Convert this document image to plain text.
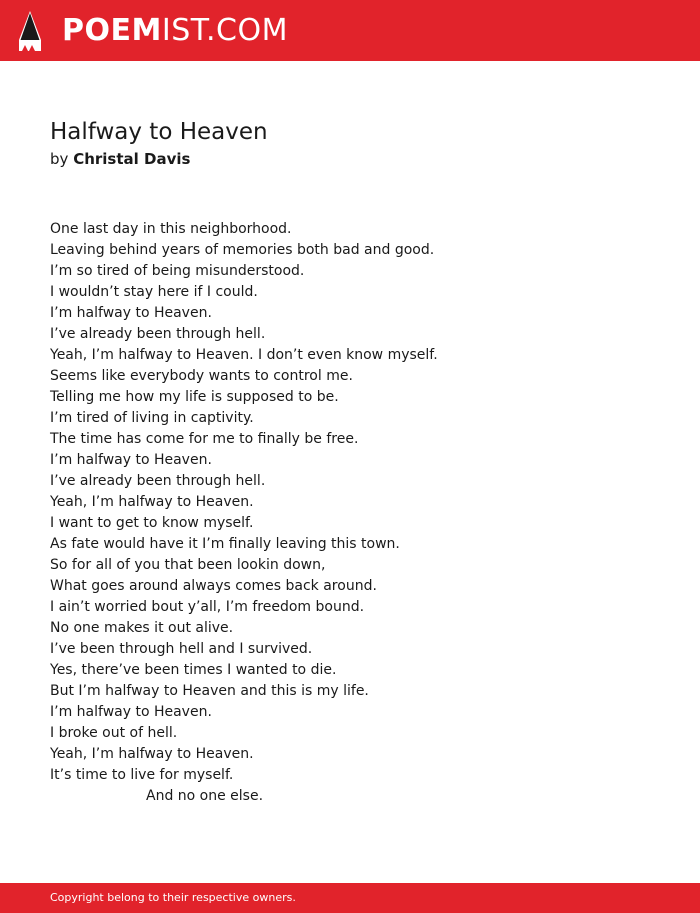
POEMIST.COM
Halfway to Heaven
by Christal Davis
One last day in this neighborhood.
Leaving behind years of memories both bad and good.
I’m so tired of being misunderstood.
I wouldn’t stay here if I could.
I’m halfway to Heaven.
I’ve already been through hell.
Yeah, I’m halfway to Heaven. I don’t even know myself.
Seems like everybody wants to control me.
Telling me how my life is supposed to be.
I’m tired of living in captivity.
The time has come for me to finally be free.
I’m halfway to Heaven.
I’ve already been through hell.
Yeah, I’m halfway to Heaven.
I want to get to know myself.
As fate would have it I’m finally leaving this town.
So for all of you that been lookin down,
What goes around always comes back around.
I ain’t worried bout y’all, I’m freedom bound.
No one makes it out alive.
I’ve been through hell and I survived.
Yes, there’ve been times I wanted to die.
But I’m halfway to Heaven and this is my life.
I’m halfway to Heaven.
I broke out of hell.
Yeah, I’m halfway to Heaven.
It’s time to live for myself.
And no one else.
Copyright belong to their respective owners.
